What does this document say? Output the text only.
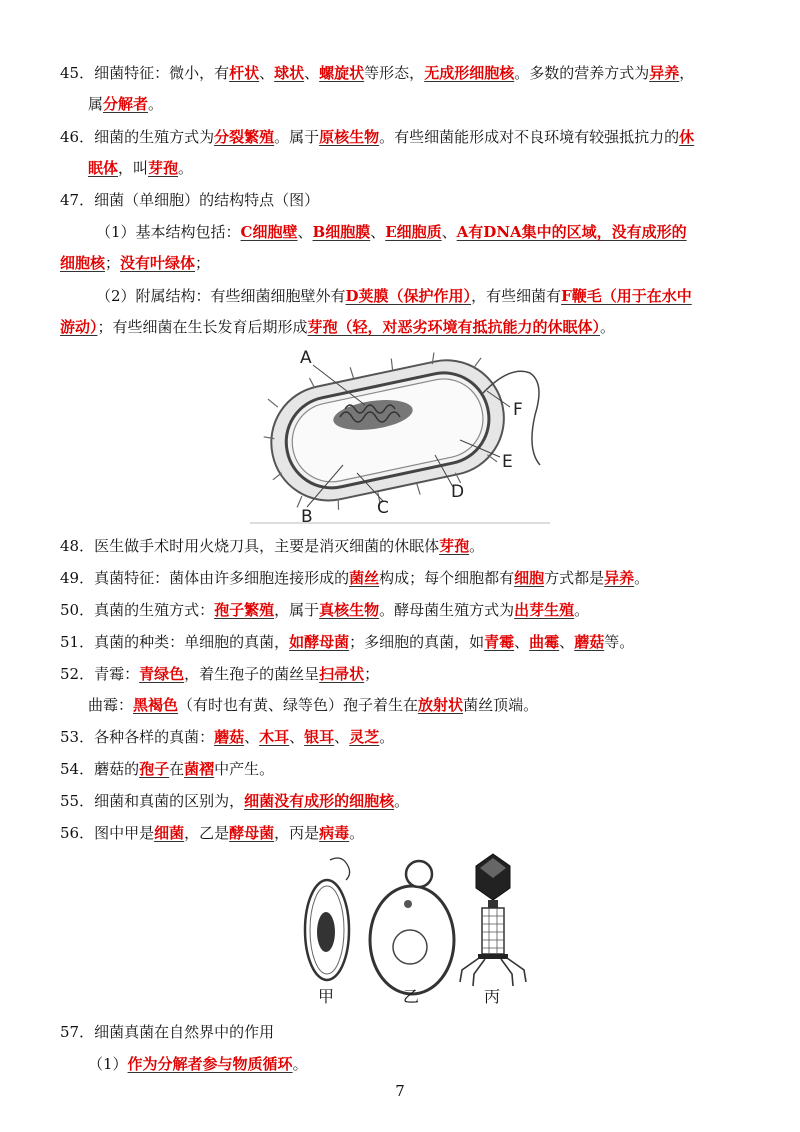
45．细菌特征：微小，有杆状、球状、螺旋状等形态，无成形细胞核。多数的营养方式为异养，
属分解者。
46．细菌的生殖方式为分裂繁殖。属于原核生物。有些细菌能形成对不良环境有较强抵抗力的休
眠体，叫芽孢。
47．细菌（单细胞）的结构特点（图）
（1）基本结构包括：C细胞壁、B细胞膜、E细胞质、A有DNA集中的区域，没有成形的
细胞核；没有叶绿体；
（2）附属结构：有些细菌细胞壁外有D荚膜（保护作用），有些细菌有F鞭毛（用于在水中
游动）；有些细菌在生长发育后期形成芽孢（轻，对恶劣环境有抵抗能力的休眠体）。
48．医生做手术时用火烧刀具，主要是消灭细菌的休眠体芽孢。
49．真菌特征：菌体由许多细胞连接形成的菌丝构成；每个细胞都有细胞方式都是异养。
50．真菌的生殖方式：孢子繁殖，属于真核生物。酵母菌生殖方式为出芽生殖。
51．真菌的种类：单细胞的真菌，如酵母菌；多细胞的真菌，如青霉、曲霉、蘑菇等。
52．青霉：青绿色，着生孢子的菌丝呈扫帚状；
曲霉：黑褐色（有时也有黄、绿等色）孢子着生在放射状菌丝顶端。
53．各种各样的真菌：蘑菇、木耳、银耳、灵芝。
54．蘑菇的孢子在菌褶中产生。
55．细菌和真菌的区别为，细菌没有成形的细胞核。
56．图中甲是细菌，乙是酵母菌，丙是病毒。
57．细菌真菌在自然界中的作用
（1）作为分解者参与物质循环。
A
F
E
D
C
B
甲	乙	丙
7
